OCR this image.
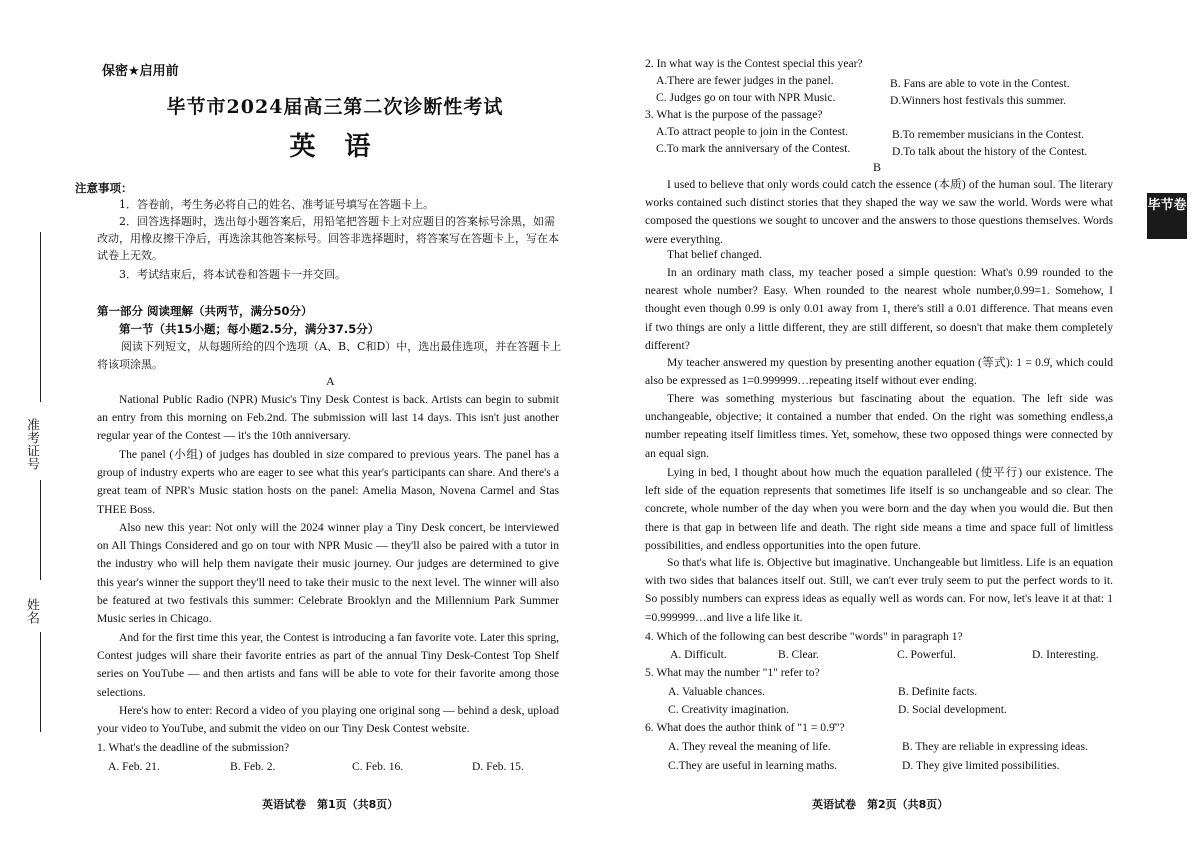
准考证号
姓名
保密★启用前
毕节市2024届高三第二次诊断性考试
英 语
注意事项：
1．答卷前，考生务必将自己的姓名、准考证号填写在答题卡上。
2．回答选择题时，选出每小题答案后，用铅笔把答题卡上对应题目的答案标号涂黑，如需改动，用橡皮擦干净后，再选涂其他答案标号。回答非选择题时，将答案写在答题卡上，写在本试卷上无效。
3．考试结束后，将本试卷和答题卡一并交回。
第一部分 阅读理解（共两节，满分50分）
第一节（共15小题；每小题2.5分，满分37.5分）
阅读下列短文，从每题所给的四个选项（A、B、C和D）中，选出最佳选项，并在答题卡上将该项涂黑。
A

National Public Radio (NPR) Music's Tiny Desk Contest is back. Artists can begin to submit an entry from this morning on Feb.2nd. The submission will last 14 days. This isn't just another regular year of the Contest — it's the 10th anniversary.

The panel (小组) of judges has doubled in size compared to previous years. The panel has a group of industry experts who are eager to see what this year's participants can share. And there's a great team of NPR's Music station hosts on the panel: Amelia Mason, Novena Carmel and Stas THEE Boss.

Also new this year: Not only will the 2024 winner play a Tiny Desk concert, be interviewed on All Things Considered and go on tour with NPR Music — they'll also be paired with a tutor in the industry who will help them navigate their music journey. Our judges are determined to give this year's winner the support they'll need to take their music to the next level. The winner will also be featured at two festivals this summer: Celebrate Brooklyn and the Millennium Park Summer Music series in Chicago.

And for the first time this year, the Contest is introducing a fan favorite vote. Later this spring, Contest judges will share their favorite entries as part of the annual Tiny Desk-Contest Top Shelf series on YouTube — and then artists and fans will be able to vote for their favorite among those selections.

Here's how to enter: Record a video of you playing one original song — behind a desk, upload your video to YouTube, and submit the video on our Tiny Desk Contest website.

1. What's the deadline of the submission?
A. Feb. 21.	B. Feb. 2.	C. Feb. 16.	D. Feb. 15.
英语试卷　第1页（共8页）
2. In what way is the Contest special this year?
A.There are fewer judges in the panel.	B. Fans are able to vote in the Contest.
C. Judges go on tour with NPR Music.	D.Winners host festivals this summer.
3. What is the purpose of the passage?
A.To attract people to join in the Contest.	B.To remember musicians in the Contest.
C.To mark the anniversary of the Contest.	D.To talk about the history of the Contest.
B

I used to believe that only words could catch the essence (本质) of the human soul. The literary works contained such distinct stories that they shaped the way we saw the world. Words were what composed the questions we sought to uncover and the answers to those questions themselves. Words were everything.

That belief changed.

In an ordinary math class, my teacher posed a simple question: What's 0.99 rounded to the nearest whole number? Easy. When rounded to the nearest whole number,0.99=1. Somehow, I thought even though 0.99 is only 0.01 away from 1, there's still a 0.01 difference. That means even if two things are only a little different, they are still different, so doesn't that make them completely different?

My teacher answered my question by presenting another equation (等式): 1 = 0.9̇, which could also be expressed as 1=0.999999…repeating itself without ever ending.

There was something mysterious but fascinating about the equation. The left side was unchangeable, objective; it contained a number that ended. On the right was something endless,a number repeating itself limitless times. Yet, somehow, these two opposed things were connected by an equal sign.

Lying in bed, I thought about how much the equation paralleled (使平行) our existence. The left side of the equation represents that sometimes life itself is so unchangeable and so clear. The concrete, whole number of the day when you were born and the day when you would die. But then there is that gap in between life and death. The right side means a time and space full of limitless possibilities, and endless opportunities into the open future.

So that's what life is. Objective but imaginative. Unchangeable but limitless. Life is an equation with two sides that balances itself out. Still, we can't ever truly seem to put the perfect words to it. So possibly numbers can express ideas as equally well as words can. For now, let's leave it at that: 1 =0.999999…and live a life like it.

4. Which of the following can best describe "words" in paragraph 1?
A. Difficult.	B. Clear.	C. Powerful.	D. Interesting.
5. What may the number "1" refer to?
A. Valuable chances.	B. Definite facts.
C. Creativity imagination.	D. Social development.
6. What does the author think of "1 = 0.9̇"?
A. They reveal the meaning of life.	B. They are reliable in expressing ideas.
C.They are useful in learning maths.	D. They give limited possibilities.
英语试卷　第2页（共8页）
毕节卷
